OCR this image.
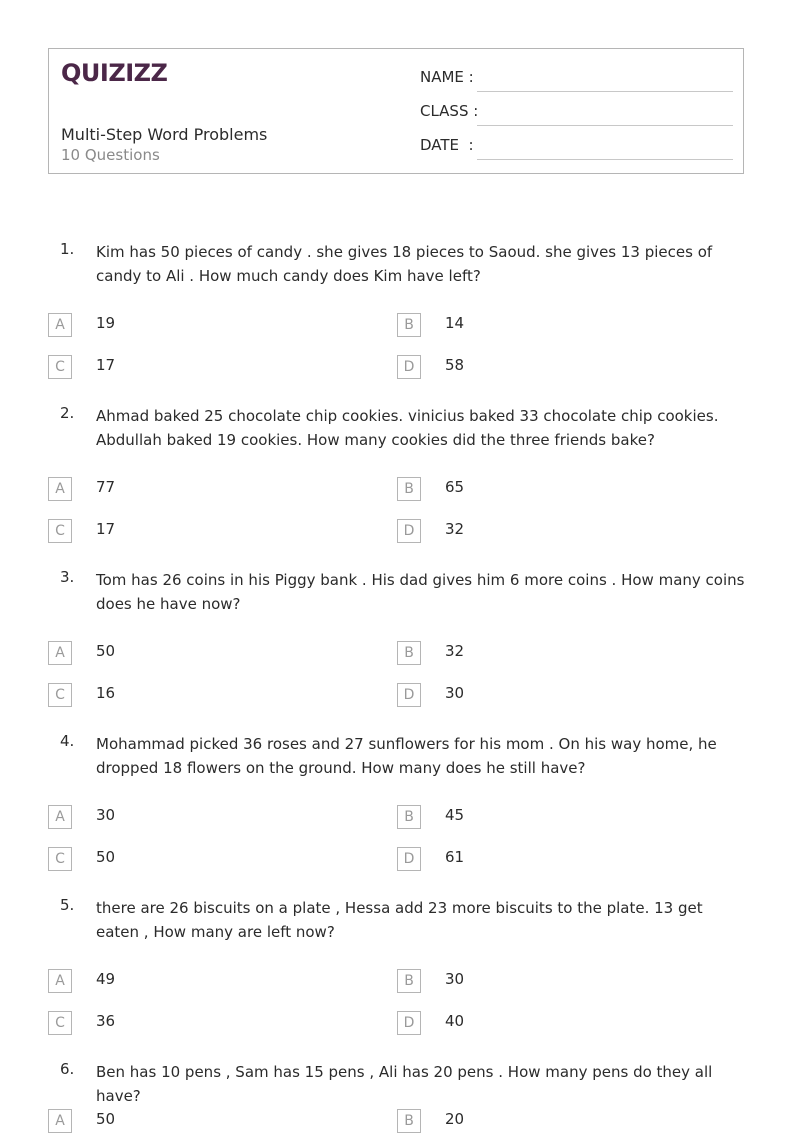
QUIZIZZ
Multi-Step Word Problems
10 Questions
NAME :
CLASS :
DATE  :
1. Kim has 50 pieces of candy . she gives 18 pieces to Saoud. she gives 13 pieces of candy to Ali . How much candy does Kim have left?
A	19	B	14
C	17	D	58
2. Ahmad baked 25 chocolate chip cookies. vinicius baked 33 chocolate chip cookies. Abdullah baked 19 cookies. How many cookies did the three friends bake?
A	77	B	65
C	17	D	32
3. Tom has 26 coins in his Piggy bank . His dad gives him 6 more coins . How many coins does he have now?
A	50	B	32
C	16	D	30
4. Mohammad picked 36 roses and 27 sunflowers for his mom . On his way home, he dropped 18 flowers on the ground. How many does he still have?
A	30	B	45
C	50	D	61
5. there are 26 biscuits on a plate , Hessa add 23 more biscuits to the plate. 13 get eaten , How many are left now?
A	49	B	30
C	36	D	40
6. Ben has 10 pens , Sam has 15 pens , Ali has 20 pens . How many pens do they all have?
A	50	B	20
